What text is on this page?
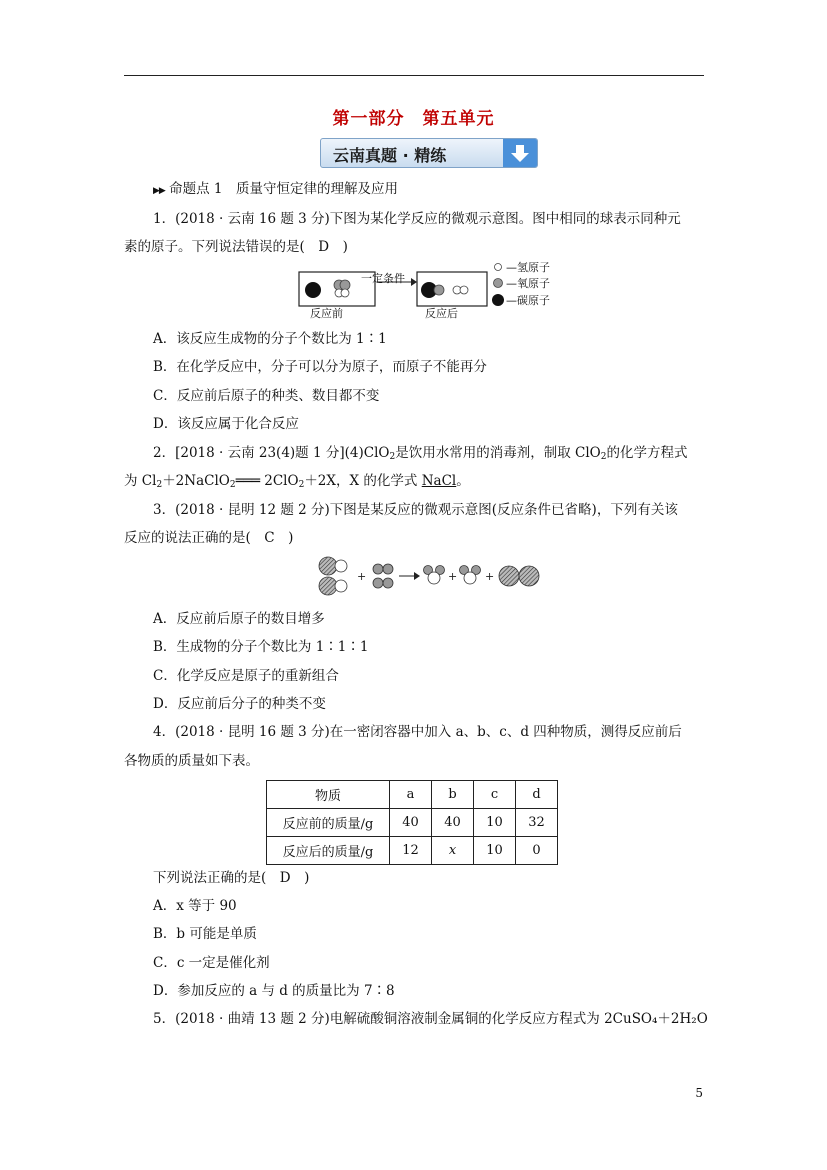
第一部分　第五单元
云南真题 · 精练
▶▶ 命题点 1　质量守恒定律的理解及应用
1．(2018 · 云南 16 题 3 分)下图为某化学反应的微观示意图。图中相同的球表示同种元
素的原子。下列说法错误的是(　D　)
一定条件
反应前	反应后
—氢原子
—氧原子
—碳原子
A．该反应生成物的分子个数比为 1∶1
B．在化学反应中，分子可以分为原子，而原子不能再分
C．反应前后原子的种类、数目都不变
D．该反应属于化合反应
2．[2018 · 云南 23(4)题 1 分](4)ClO$_2$是饮用水常用的消毒剂，制取 ClO$_2$的化学方程式
为 $Cl_2+2NaClO_2═══$ 2ClO$_2$＋2X，X 的化学式 NaCl。
3．(2018 · 昆明 12 题 2 分)下图是某反应的微观示意图(反应条件已省略)，下列有关该
反应的说法正确的是(　C　)
+	+	+
A．反应前后原子的数目增多
B．生成物的分子个数比为 1∶1∶1
C．化学反应是原子的重新组合
D．反应前后分子的种类不变
4．(2018 · 昆明 16 题 3 分)在一密闭容器中加入 a、b、c、d 四种物质，测得反应前后
各物质的质量如下表。
物质	a	b	c	d
反应前的质量/g	40	40	10	32
反应后的质量/g	12	x	10	0
下列说法正确的是(　D　)
A．x 等于 90
B．b 可能是单质
C．c 一定是催化剂
D．参加反应的 a 与 d 的质量比为 7∶8
5．(2018 · 曲靖 13 题 2 分)电解硫酸铜溶液制金属铜的化学反应方程式为 2CuSO₄＋2H₂O
5
